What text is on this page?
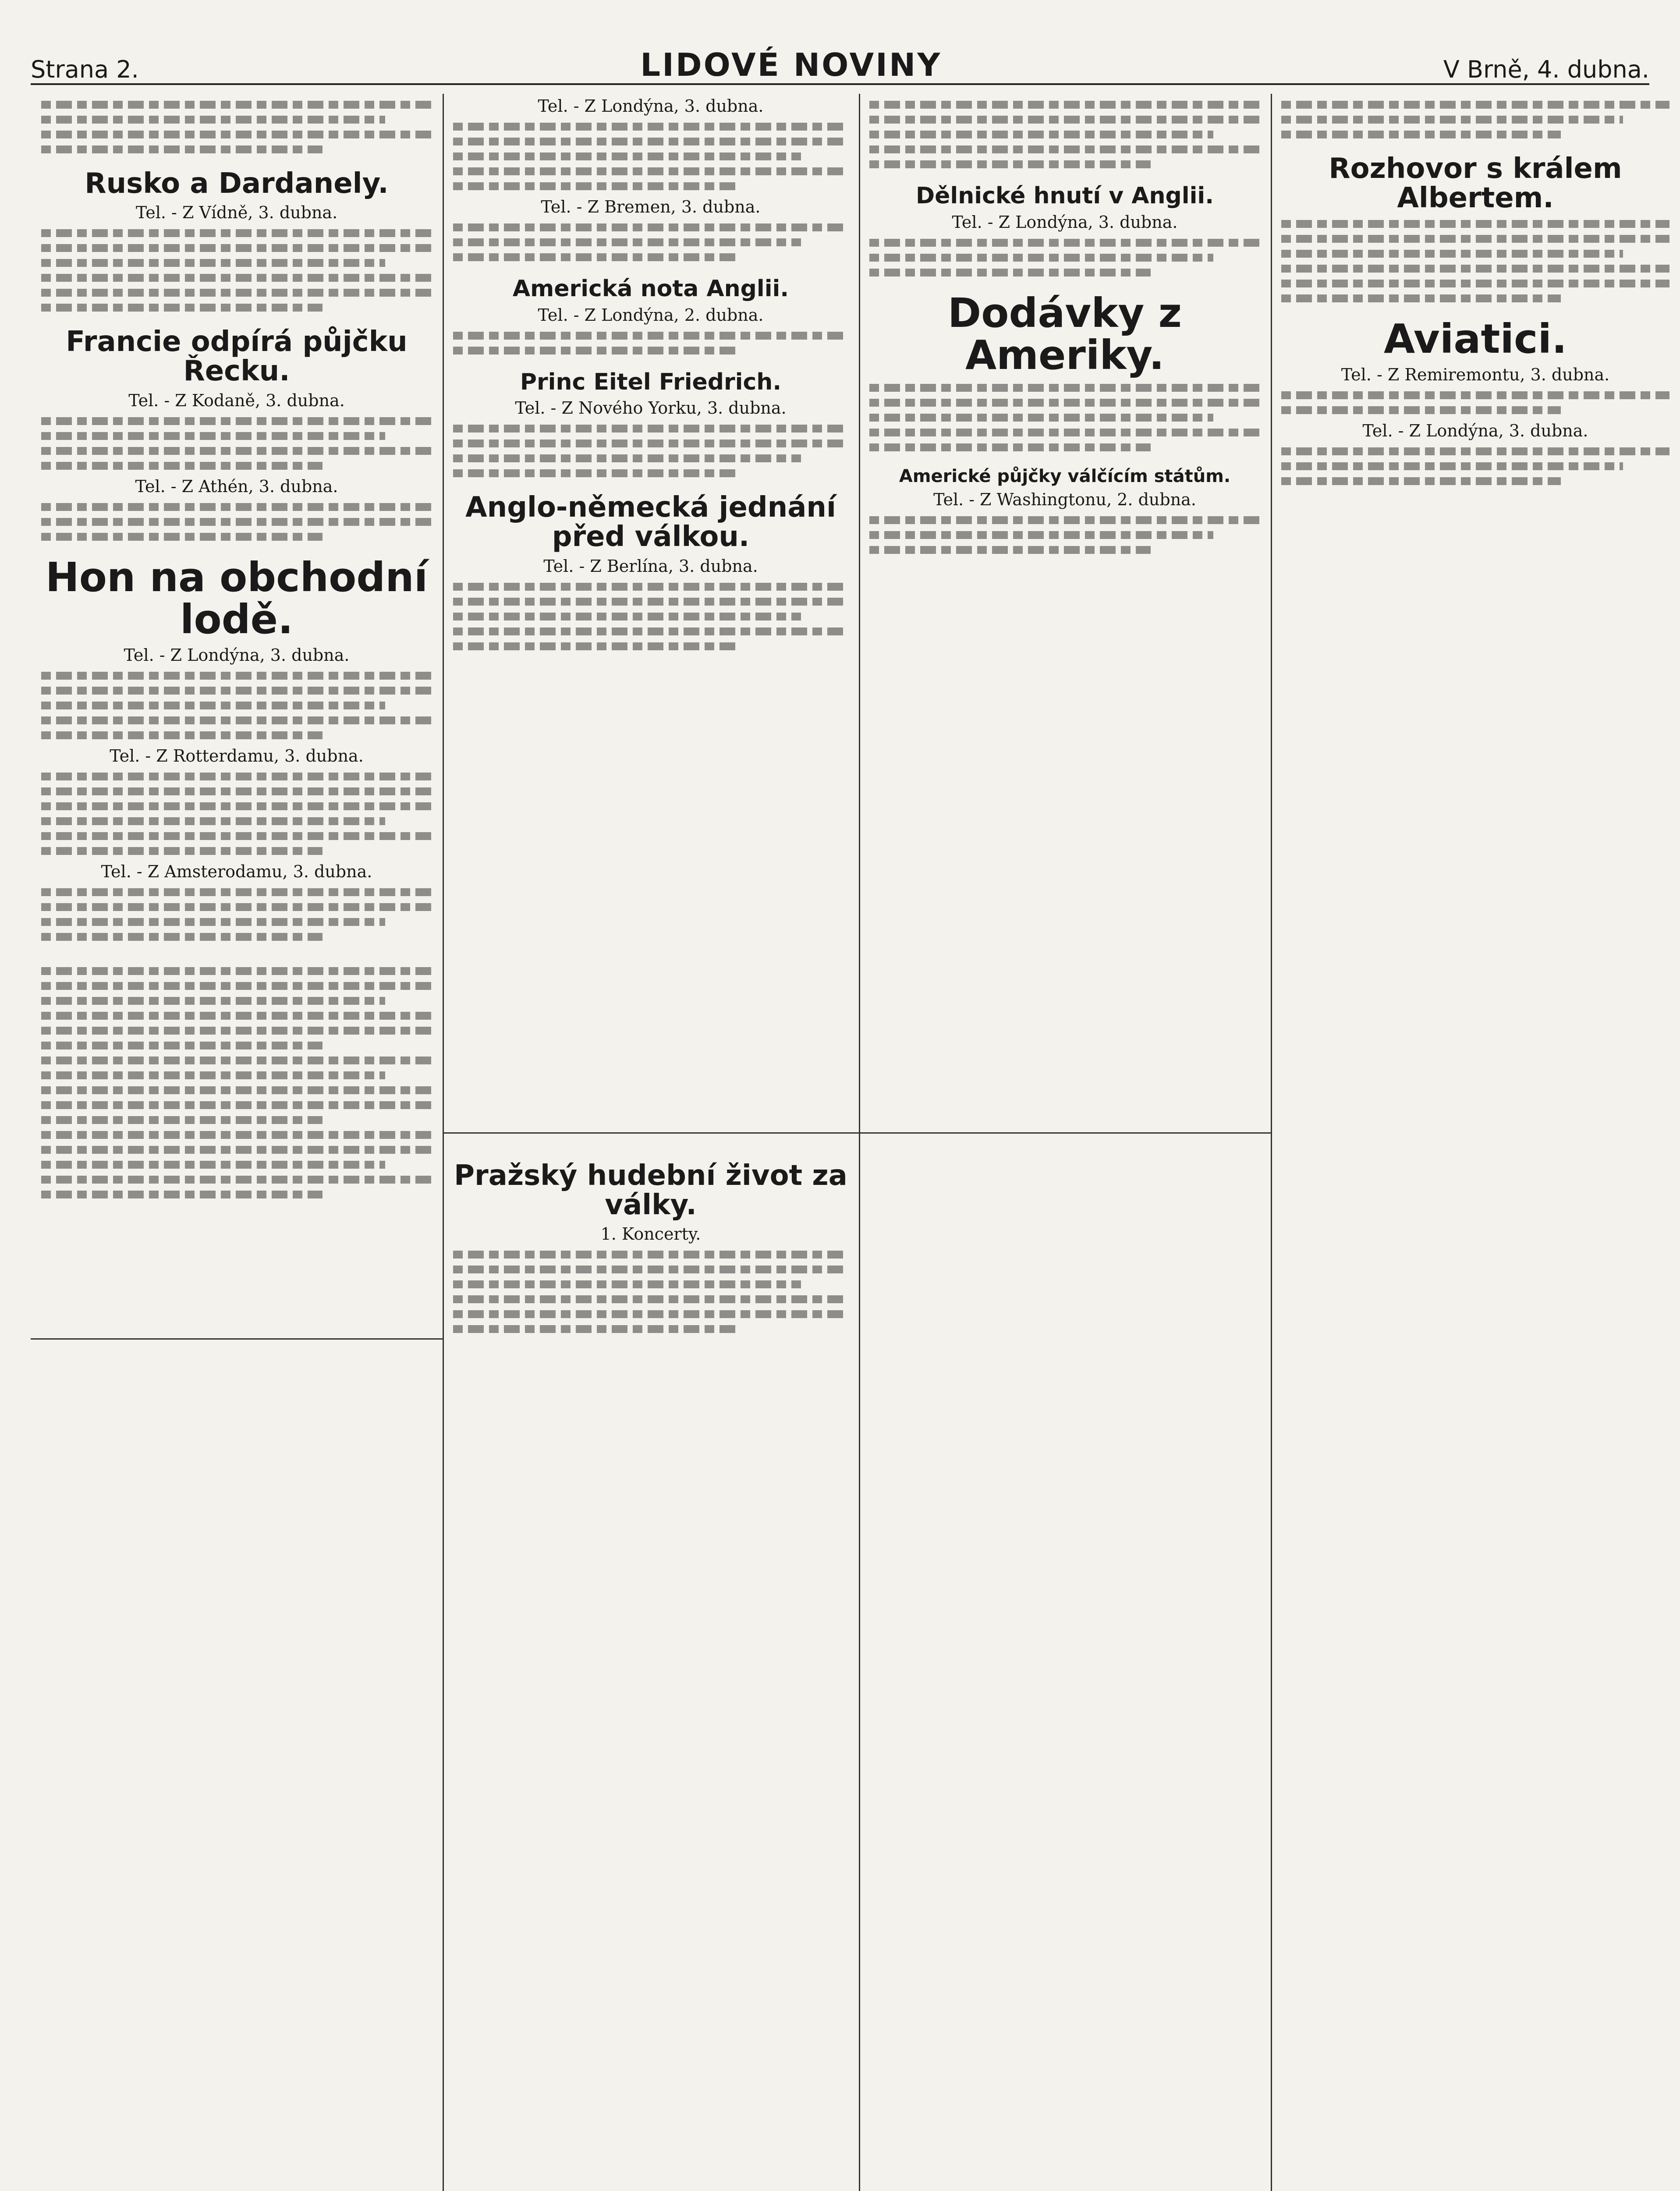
Strana 2.	LIDOVÉ NOVINY	V Brně, 4. dubna.
Rusko a Dardanely.
Tel. - Z Vídně, 3. dubna.
Francie odpírá půjčku Řecku.
Tel. - Z Kodaně, 3. dubna.
Tel. - Z Athén, 3. dubna.
Hon na obchodní lodě.
Tel. - Z Londýna, 3. dubna.
Tel. - Z Rotterdamu, 3. dubna.
Tel. - Z Amsterodamu, 3. dubna.
Tel. - Z Londýna, 3. dubna.
Tel. - Z Bremen, 3. dubna.
Americká nota Anglii.
Tel. - Z Londýna, 2. dubna.
Princ Eitel Friedrich.
Tel. - Z Nového Yorku, 3. dubna.
Anglo-německá jednání před válkou.
Tel. - Z Berlína, 3. dubna.
Pražský hudební život za války.
1. Koncerty.
Dělnické hnutí v Anglii.
Tel. - Z Londýna, 3. dubna.
Dodávky z Ameriky.
Americké půjčky válčícím státům.
Tel. - Z Washingtonu, 2. dubna.
Rozhovor s králem Albertem.
Aviatici.
Tel. - Z Remiremontu, 3. dubna.
Tel. - Z Londýna, 3. dubna.
